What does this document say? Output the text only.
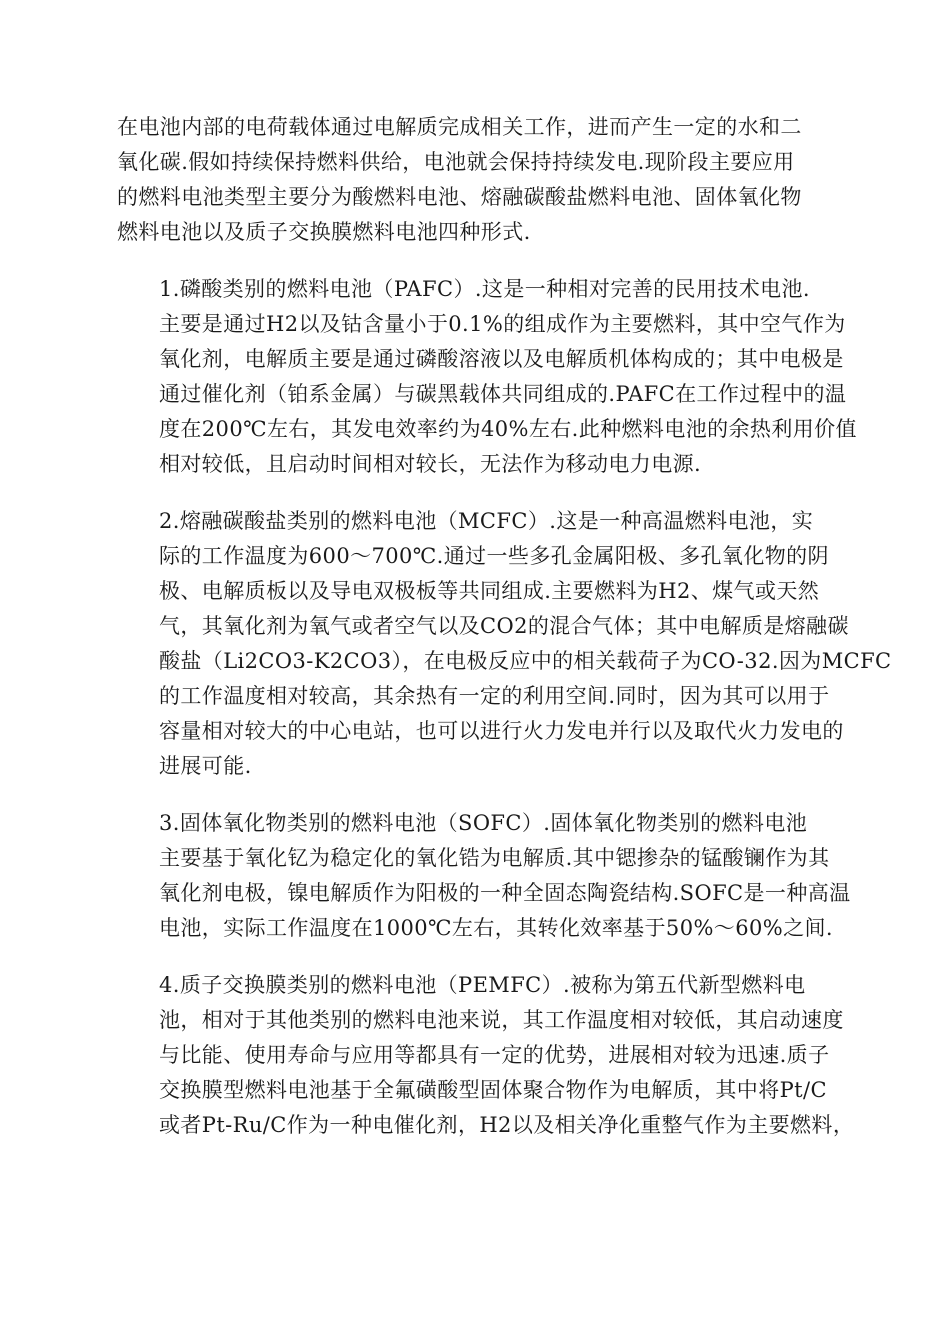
在电池内部的电荷载体通过电解质完成相关工作，进而产生一定的水和二
氧化碳.假如持续保持燃料供给，电池就会保持持续发电.现阶段主要应用
的燃料电池类型主要分为酸燃料电池、熔融碳酸盐燃料电池、固体氧化物
燃料电池以及质子交换膜燃料电池四种形式.

1.磷酸类别的燃料电池（PAFC）.这是一种相对完善的民用技术电池.
主要是通过H2以及钴含量小于0.1%的组成作为主要燃料，其中空气作为
氧化剂，电解质主要是通过磷酸溶液以及电解质机体构成的；其中电极是
通过催化剂（铂系金属）与碳黑载体共同组成的.PAFC在工作过程中的温
度在200℃左右，其发电效率约为40%左右.此种燃料电池的余热利用价值
相对较低，且启动时间相对较长，无法作为移动电力电源.

2.熔融碳酸盐类别的燃料电池（MCFC）.这是一种高温燃料电池，实
际的工作温度为600～700℃.通过一些多孔金属阳极、多孔氧化物的阴
极、电解质板以及导电双极板等共同组成.主要燃料为H2、煤气或天然
气，其氧化剂为氧气或者空气以及CO2的混合气体；其中电解质是熔融碳
酸盐（Li2CO3-K2CO3），在电极反应中的相关载荷子为CO-32.因为MCFC
的工作温度相对较高，其余热有一定的利用空间.同时，因为其可以用于
容量相对较大的中心电站，也可以进行火力发电并行以及取代火力发电的
进展可能.

3.固体氧化物类别的燃料电池（SOFC）.固体氧化物类别的燃料电池
主要基于氧化钇为稳定化的氧化锆为电解质.其中锶掺杂的锰酸镧作为其
氧化剂电极，镍电解质作为阳极的一种全固态陶瓷结构.SOFC是一种高温
电池，实际工作温度在1000℃左右，其转化效率基于50%～60%之间.

4.质子交换膜类别的燃料电池（PEMFC）.被称为第五代新型燃料电
池，相对于其他类别的燃料电池来说，其工作温度相对较低，其启动速度
与比能、使用寿命与应用等都具有一定的优势，进展相对较为迅速.质子
交换膜型燃料电池基于全氟磺酸型固体聚合物作为电解质，其中将Pt/C
或者Pt-Ru/C作为一种电催化剂，H2以及相关净化重整气作为主要燃料，
